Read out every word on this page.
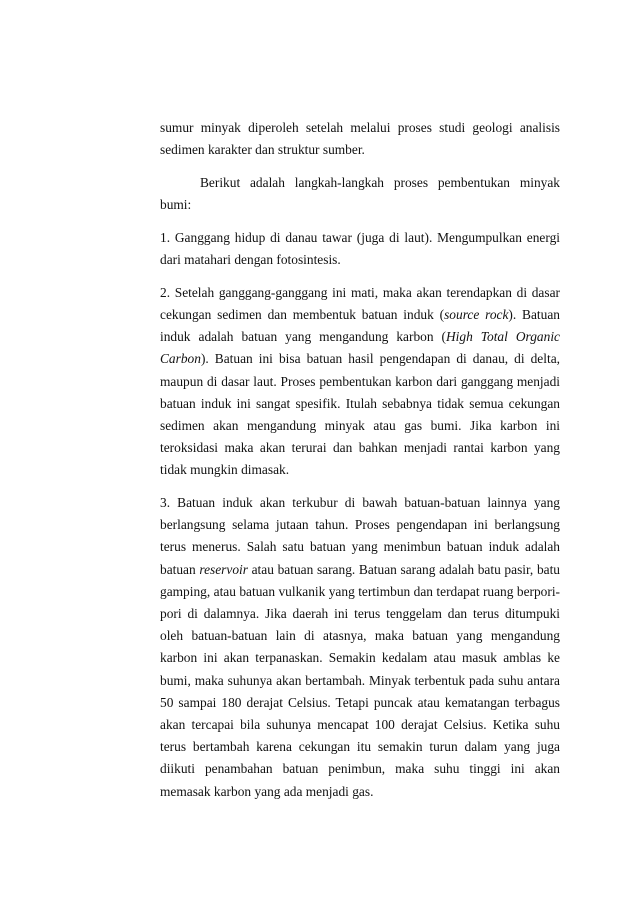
sumur minyak diperoleh setelah melalui proses studi geologi analisis sedimen karakter dan struktur sumber.

Berikut adalah langkah-langkah proses pembentukan minyak bumi:

1. Ganggang hidup di danau tawar (juga di laut). Mengumpulkan energi dari matahari dengan fotosintesis.

2. Setelah ganggang-ganggang ini mati, maka akan terendapkan di dasar cekungan sedimen dan membentuk batuan induk (source rock). Batuan induk adalah batuan yang mengandung karbon (High Total Organic Carbon). Batuan ini bisa batuan hasil pengendapan di danau, di delta, maupun di dasar laut. Proses pembentukan karbon dari ganggang menjadi batuan induk ini sangat spesifik. Itulah sebabnya tidak semua cekungan sedimen akan mengandung minyak atau gas bumi. Jika karbon ini teroksidasi maka akan terurai dan bahkan menjadi rantai karbon yang tidak mungkin dimasak.

3. Batuan induk akan terkubur di bawah batuan-batuan lainnya yang berlangsung selama jutaan tahun. Proses pengendapan ini berlangsung terus menerus. Salah satu batuan yang menimbun batuan induk adalah batuan reservoir atau batuan sarang. Batuan sarang adalah batu pasir, batu gamping, atau batuan vulkanik yang tertimbun dan terdapat ruang berpori-pori di dalamnya. Jika daerah ini terus tenggelam dan terus ditumpuki oleh batuan-batuan lain di atasnya, maka batuan yang mengandung karbon ini akan terpanaskan. Semakin kedalam atau masuk amblas ke bumi, maka suhunya akan bertambah. Minyak terbentuk pada suhu antara 50 sampai 180 derajat Celsius. Tetapi puncak atau kematangan terbagus akan tercapai bila suhunya mencapat 100 derajat Celsius. Ketika suhu terus bertambah karena cekungan itu semakin turun dalam yang juga diikuti penambahan batuan penimbun, maka suhu tinggi ini akan memasak karbon yang ada menjadi gas.
